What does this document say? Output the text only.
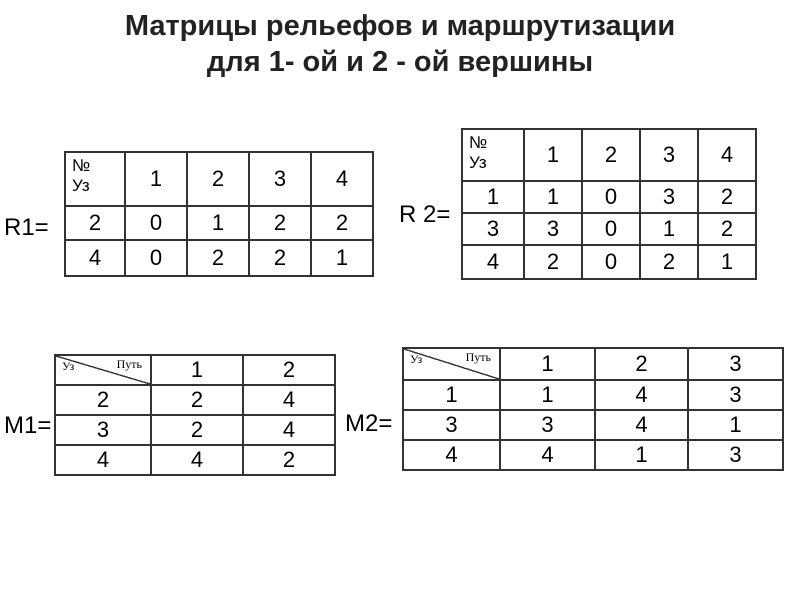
Матрицы рельефов и маршрутизации
для 1- ой и 2 - ой вершины
R1=
№
Уз	1	2	3	4
2	0	1	2	2
4	0	2	2	1
R 2=
№
Уз	1	2	3	4
1	1	0	3	2
3	3	0	1	2
4	2	0	2	1
M1=
Уз Путь	1	2
2	2	4
3	2	4
4	4	2
M2=
Уз Путь	1	2	3
1	1	4	3
3	3	4	1
4	4	1	3
